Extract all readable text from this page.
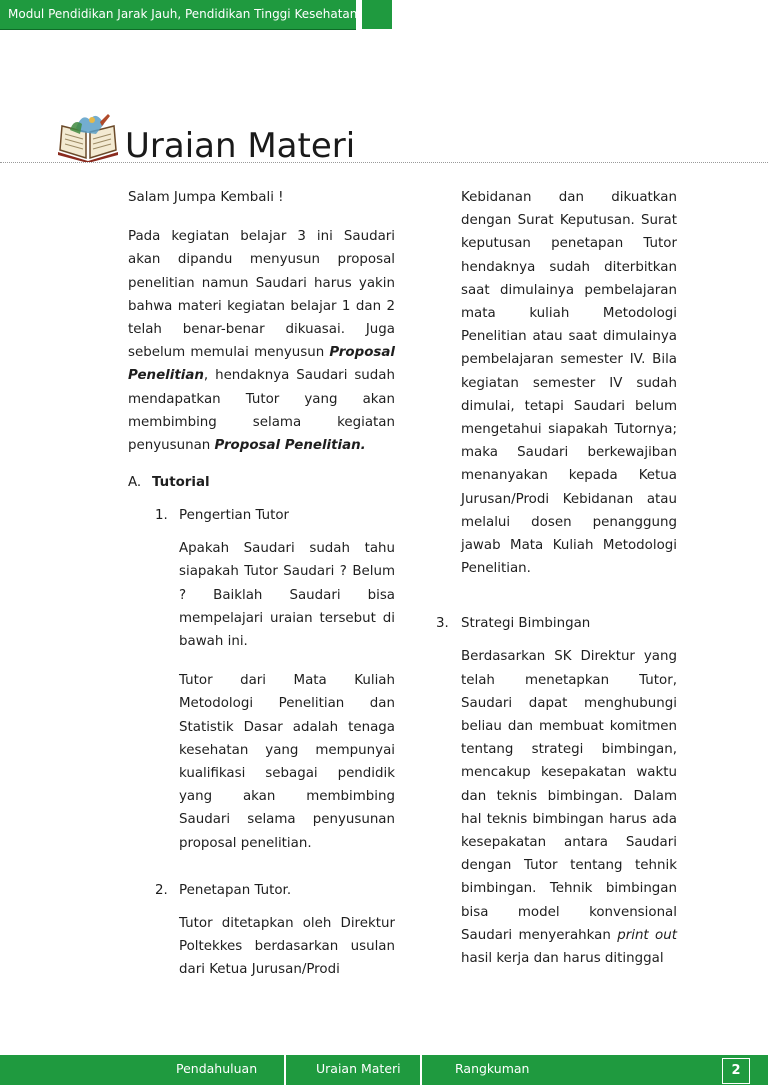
Modul Pendidikan Jarak Jauh, Pendidikan Tinggi Kesehatan
Uraian Materi

Salam Jumpa Kembali !

Pada kegiatan belajar 3 ini Saudari akan dipandu menyusun proposal penelitian namun Saudari harus yakin bahwa materi kegiatan belajar 1 dan 2 telah benar-benar dikuasai. Juga sebelum memulai menyusun Proposal Penelitian, hendaknya Saudari sudah mendapatkan Tutor yang akan membimbing selama kegiatan penyusunan Proposal Penelitian.

A. Tutorial
1. Pengertian Tutor

Apakah Saudari sudah tahu siapakah Tutor Saudari ? Belum ? Baiklah Saudari bisa mempelajari uraian tersebut di bawah ini.

Tutor dari Mata Kuliah Metodologi Penelitian dan Statistik Dasar adalah tenaga kesehatan yang mempunyai kualifikasi sebagai pendidik yang akan membimbing Saudari selama penyusunan proposal penelitian.

2. Penetapan Tutor.

Tutor ditetapkan oleh Direktur Poltekkes berdasarkan usulan dari Ketua Jurusan/Prodi

Kebidanan dan dikuatkan dengan Surat Keputusan. Surat keputusan penetapan Tutor hendaknya sudah diterbitkan saat dimulainya pembelajaran mata kuliah Metodologi Penelitian atau saat dimulainya pembelajaran semester IV. Bila kegiatan semester IV sudah dimulai, tetapi Saudari belum mengetahui siapakah Tutornya; maka Saudari berkewajiban menanyakan kepada Ketua Jurusan/Prodi Kebidanan atau melalui dosen penanggung jawab Mata Kuliah Metodologi Penelitian.

3. Strategi Bimbingan

Berdasarkan SK Direktur yang telah menetapkan Tutor, Saudari dapat menghubungi beliau dan membuat komitmen tentang strategi bimbingan, mencakup kesepakatan waktu dan teknis bimbingan. Dalam hal teknis bimbingan harus ada kesepakatan antara Saudari dengan Tutor tentang tehnik bimbingan. Tehnik bimbingan bisa model konvensional Saudari menyerahkan print out hasil kerja dan harus ditinggal

Pendahuluan	Uraian Materi	Rangkuman	2
